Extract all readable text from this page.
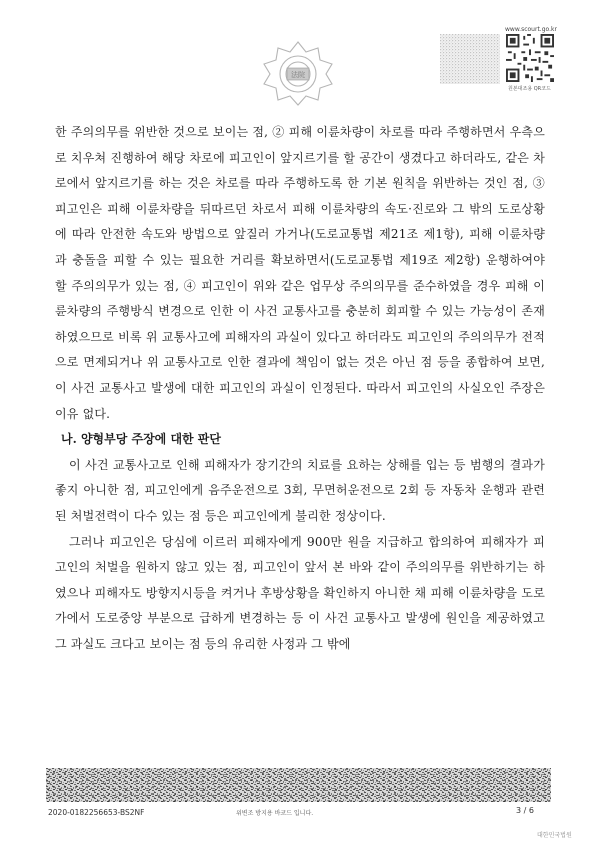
法院
www.scourt.go.kr
원본대조용 QR코드

한 주의의무를 위반한 것으로 보이는 점, ② 피해 이륜차량이 차로를 따라 주행하면서 우측으로 치우쳐 진행하여 해당 차로에 피고인이 앞지르기를 할 공간이 생겼다고 하더라도, 같은 차로에서 앞지르기를 하는 것은 차로를 따라 주행하도록 한 기본 원칙을 위반하는 것인 점, ③ 피고인은 피해 이륜차량을 뒤따르던 차로서 피해 이륜차량의 속도·진로와 그 밖의 도로상황에 따라 안전한 속도와 방법으로 앞질러 가거나(도로교통법 제21조 제1항), 피해 이륜차량과 충돌을 피할 수 있는 필요한 거리를 확보하면서(도로교통법 제19조 제2항) 운행하여야 할 주의의무가 있는 점, ④ 피고인이 위와 같은 업무상 주의의무를 준수하였을 경우 피해 이륜차량의 주행방식 변경으로 인한 이 사건 교통사고를 충분히 회피할 수 있는 가능성이 존재하였으므로 비록 위 교통사고에 피해자의 과실이 있다고 하더라도 피고인의 주의의무가 전적으로 면제되거나 위 교통사고로 인한 결과에 책임이 없는 것은 아닌 점 등을 종합하여 보면, 이 사건 교통사고 발생에 대한 피고인의 과실이 인정된다. 따라서 피고인의 사실오인 주장은 이유 없다.

나. 양형부당 주장에 대한 판단

이 사건 교통사고로 인해 피해자가 장기간의 치료를 요하는 상해를 입는 등 범행의 결과가 좋지 아니한 점, 피고인에게 음주운전으로 3회, 무면허운전으로 2회 등 자동차 운행과 관련된 처벌전력이 다수 있는 점 등은 피고인에게 불리한 정상이다.

그러나 피고인은 당심에 이르러 피해자에게 900만 원을 지급하고 합의하여 피해자가 피고인의 처벌을 원하지 않고 있는 점, 피고인이 앞서 본 바와 같이 주의의무를 위반하기는 하였으나 피해자도 방향지시등을 켜거나 후방상황을 확인하지 아니한 채 피해 이륜차량을 도로가에서 도로중앙 부분으로 급하게 변경하는 등 이 사건 교통사고 발생에 원인을 제공하였고 그 과실도 크다고 보이는 점 등의 유리한 사정과 그 밖에

2020-0182256653-BS2NF	위변조 방지용 바코드 입니다.	3 / 6
대한민국법원
